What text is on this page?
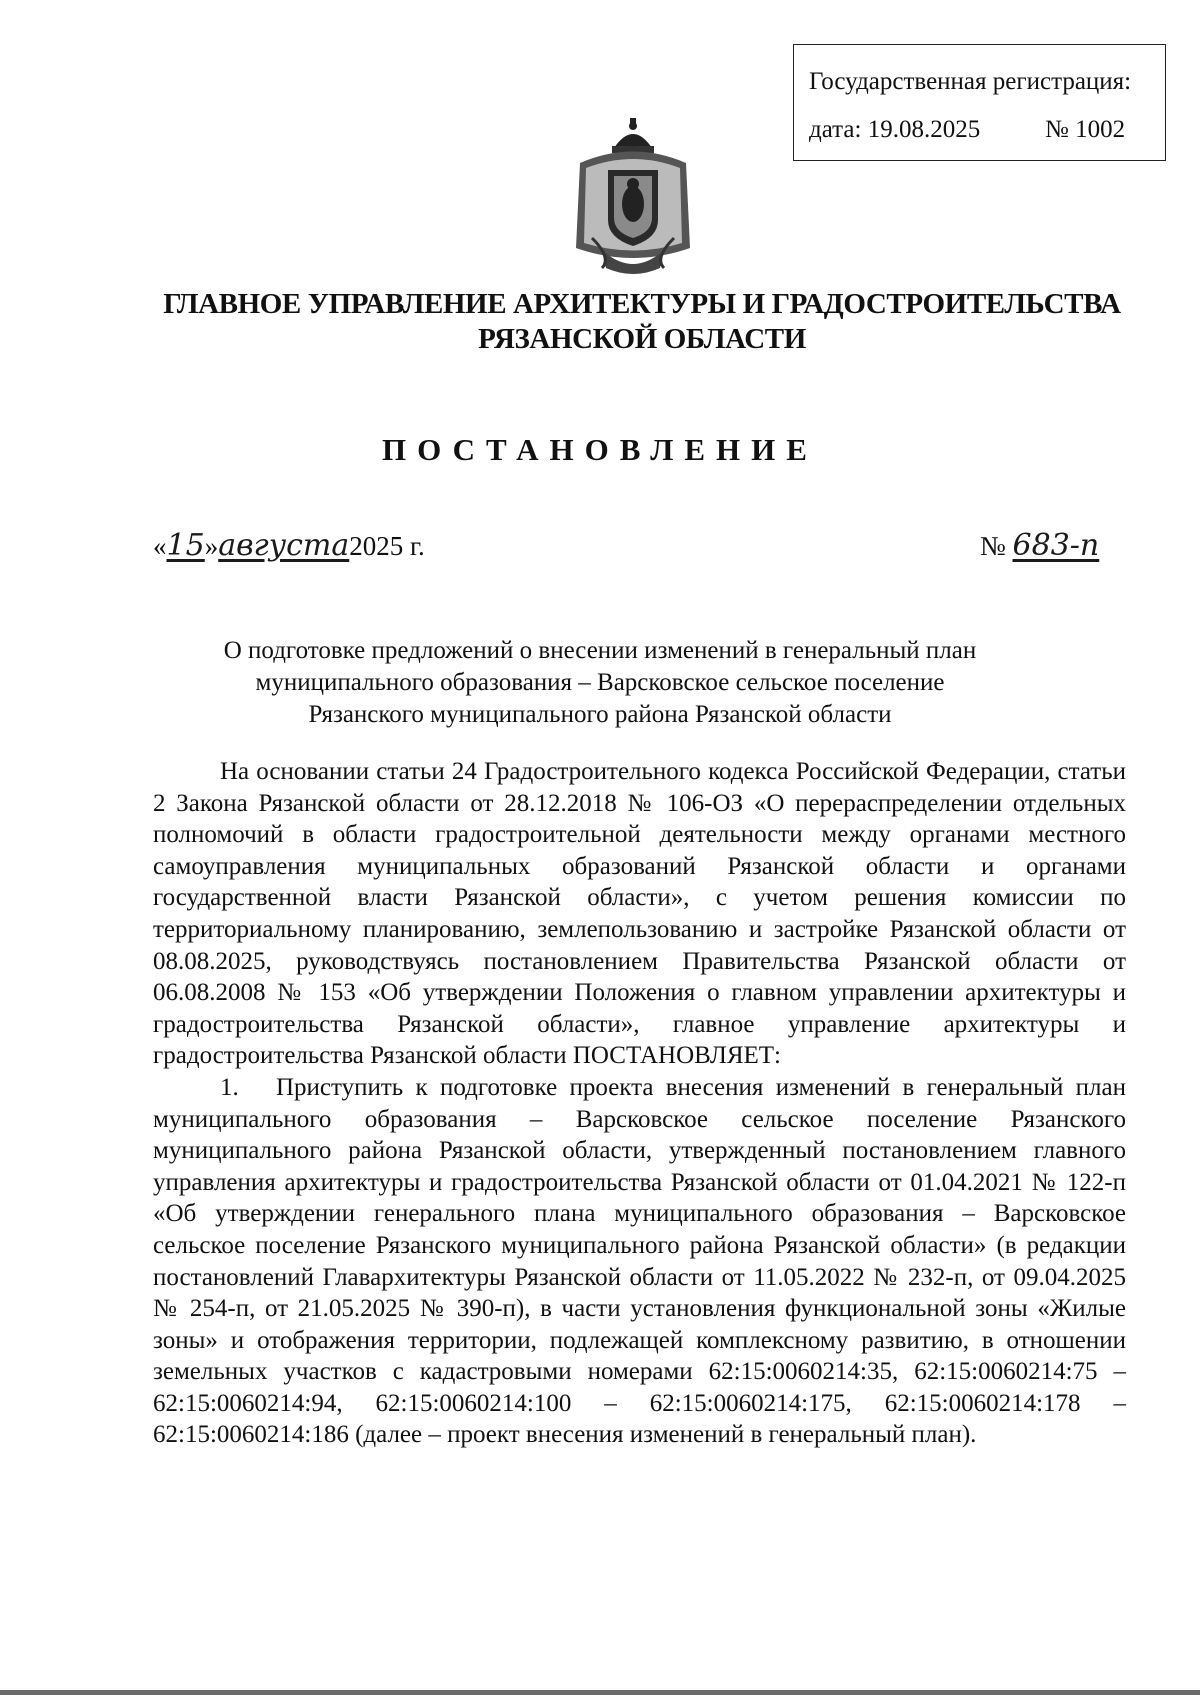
Государственная регистрация:
дата: 19.08.2025	№ 1002
ГЛАВНОЕ УПРАВЛЕНИЕ АРХИТЕКТУРЫ И ГРАДОСТРОИТЕЛЬСТВА
РЯЗАНСКОЙ ОБЛАСТИ
ПОСТАНОВЛЕНИЕ
«15»августа2025 г.	№ 683-п
О подготовке предложений о внесении изменений в генеральный план
муниципального образования – Варсковское сельское поселение
Рязанского муниципального района Рязанской области

На основании статьи 24 Градостроительного кодекса Российской Федерации, статьи 2 Закона Рязанской области от 28.12.2018 № 106-ОЗ «О перераспределении отдельных полномочий в области градостроительной деятельности между органами местного самоуправления муниципальных образований Рязанской области и органами государственной власти Рязанской области», с учетом решения комиссии по территориальному планированию, землепользованию и застройке Рязанской области от 08.08.2025, руководствуясь постановлением Правительства Рязанской области от 06.08.2008 № 153 «Об утверждении Положения о главном управлении архитектуры и градостроительства Рязанской области», главное управление архитектуры и градостроительства Рязанской области ПОСТАНОВЛЯЕТ:

1. Приступить к подготовке проекта внесения изменений в генеральный план муниципального образования – Варсковское сельское поселение Рязанского муниципального района Рязанской области, утвержденный постановлением главного управления архитектуры и градостроительства Рязанской области от 01.04.2021 № 122-п «Об утверждении генерального плана муниципального образования – Варсковское сельское поселение Рязанского муниципального района Рязанской области» (в редакции постановлений Главархитектуры Рязанской области от 11.05.2022 № 232-п, от 09.04.2025 № 254-п, от 21.05.2025 № 390-п), в части установления функциональной зоны «Жилые зоны» и отображения территории, подлежащей комплексному развитию, в отношении земельных участков с кадастровыми номерами 62:15:0060214:35, 62:15:0060214:75 – 62:15:0060214:94, 62:15:0060214:100 – 62:15:0060214:175, 62:15:0060214:178 – 62:15:0060214:186 (далее – проект внесения изменений в генеральный план).
